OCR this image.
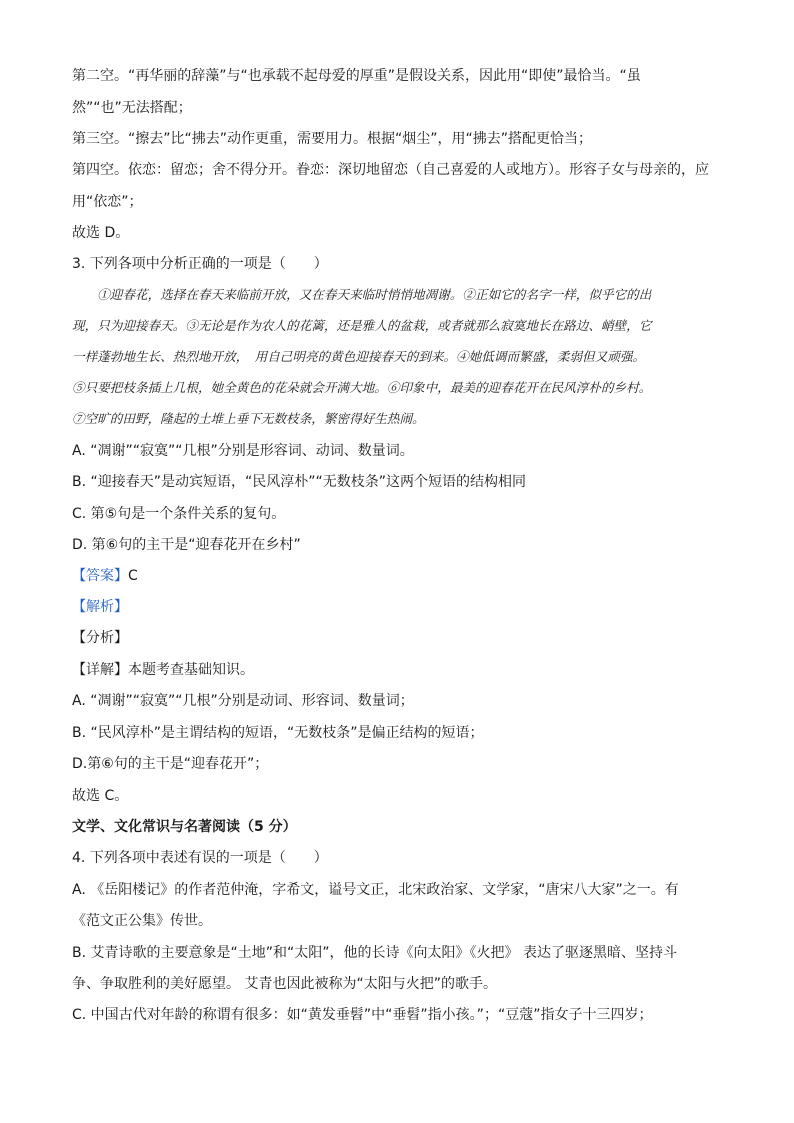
第二空。“再华丽的辞藻”与“也承载不起母爱的厚重”是假设关系，因此用“即使”最恰当。“虽
然”“也”无法搭配；
第三空。“擦去”比“拂去”动作更重，需要用力。根据“烟尘”，用“拂去”搭配更恰当；
第四空。依恋：留恋；舍不得分开。眷恋：深切地留恋（自己喜爱的人或地方）。形容子女与母亲的，应
用“依恋”；
故选 D。
3. 下列各项中分析正确的一项是（　　）
　　①迎春花，选择在春天来临前开放，又在春天来临时悄悄地凋谢。②正如它的名字一样，似乎它的出
现，只为迎接春天。③无论是作为农人的花篱，还是雅人的盆栽，或者就那么寂寞地长在路边、峭壁，它
一样蓬勃地生长、热烈地开放，　用自己明亮的黄色迎接春天的到来。④她低调而繁盛，柔弱但又顽强。
⑤只要把枝条插上几根，她全黄色的花朵就会开满大地。⑥印象中，最美的迎春花开在民风淳朴的乡村。
⑦空旷的田野，隆起的土堆上垂下无数枝条，繁密得好生热闹。
A. “凋谢”“寂寞”“几根”分别是形容词、动词、数量词。
B. “迎接春天”是动宾短语，“民风淳朴”“无数枝条”这两个短语的结构相同
C. 第⑤句是一个条件关系的复句。
D. 第⑥句的主干是“迎春花开在乡村”
【答案】C
【解析】
【分析】
【详解】本题考查基础知识。
A. “凋谢”“寂寞”“几根”分别是动词、形容词、数量词；
B. “民风淳朴”是主谓结构的短语，“无数枝条”是偏正结构的短语；
D.第⑥句的主干是“迎春花开”；
故选 C。
文学、文化常识与名著阅读（5 分）
4. 下列各项中表述有误的一项是（　　）
A. 《岳阳楼记》的作者范仲淹，字希文，谥号文正，北宋政治家、文学家，“唐宋八大家”之一。有
《范文正公集》传世。
B. 艾青诗歌的主要意象是“土地”和“太阳”，他的长诗《向太阳》《火把》 表达了驱逐黑暗、坚持斗
争、争取胜利的美好愿望。 艾青也因此被称为“太阳与火把”的歌手。
C. 中国古代对年龄的称谓有很多：如“黄发垂髫”中“垂髫”指小孩。”；“豆蔻”指女子十三四岁；
